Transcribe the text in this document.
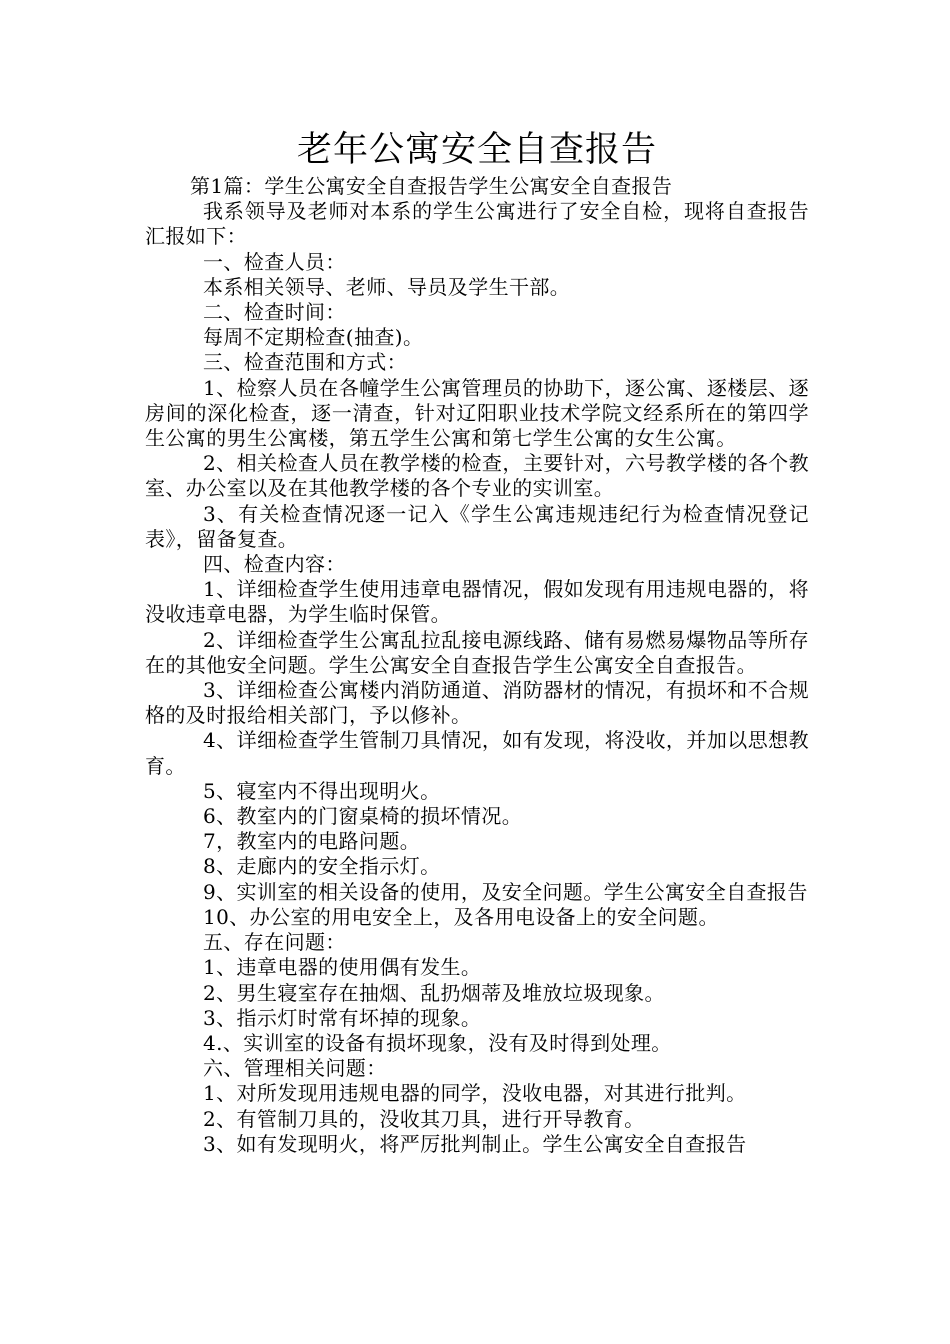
老年公寓安全自查报告

第1篇：学生公寓安全自查报告学生公寓安全自查报告

我系领导及老师对本系的学生公寓进行了安全自检，现将自查报告汇报如下：

一、检查人员：

本系相关领导、老师、导员及学生干部。

二、检查时间：

每周不定期检查(抽查)。

三、检查范围和方式：

1、检察人员在各幢学生公寓管理员的协助下，逐公寓、逐楼层、逐房间的深化检查，逐一清查，针对辽阳职业技术学院文经系所在的第四学生公寓的男生公寓楼，第五学生公寓和第七学生公寓的女生公寓。

2、相关检查人员在教学楼的检查，主要针对，六号教学楼的各个教室、办公室以及在其他教学楼的各个专业的实训室。

3、有关检查情况逐一记入《学生公寓违规违纪行为检查情况登记表》，留备复查。

四、检查内容：

1、详细检查学生使用违章电器情况，假如发现有用违规电器的，将没收违章电器，为学生临时保管。

2、详细检查学生公寓乱拉乱接电源线路、储有易燃易爆物品等所存在的其他安全问题。学生公寓安全自查报告学生公寓安全自查报告。

3、详细检查公寓楼内消防通道、消防器材的情况，有损坏和不合规格的及时报给相关部门，予以修补。

4、详细检查学生管制刀具情况，如有发现，将没收，并加以思想教育。

5、寝室内不得出现明火。

6、教室内的门窗桌椅的损坏情况。

7，教室内的电路问题。

8、走廊内的安全指示灯。

9、实训室的相关设备的使用，及安全问题。学生公寓安全自查报告

10、办公室的用电安全上，及各用电设备上的安全问题。

五、存在问题：

1、违章电器的使用偶有发生。

2、男生寝室存在抽烟、乱扔烟蒂及堆放垃圾现象。

3、指示灯时常有坏掉的现象。

4.、实训室的设备有损坏现象，没有及时得到处理。

六、管理相关问题：

1、对所发现用违规电器的同学，没收电器，对其进行批判。

2、有管制刀具的，没收其刀具，进行开导教育。

3、如有发现明火，将严厉批判制止。学生公寓安全自查报告
